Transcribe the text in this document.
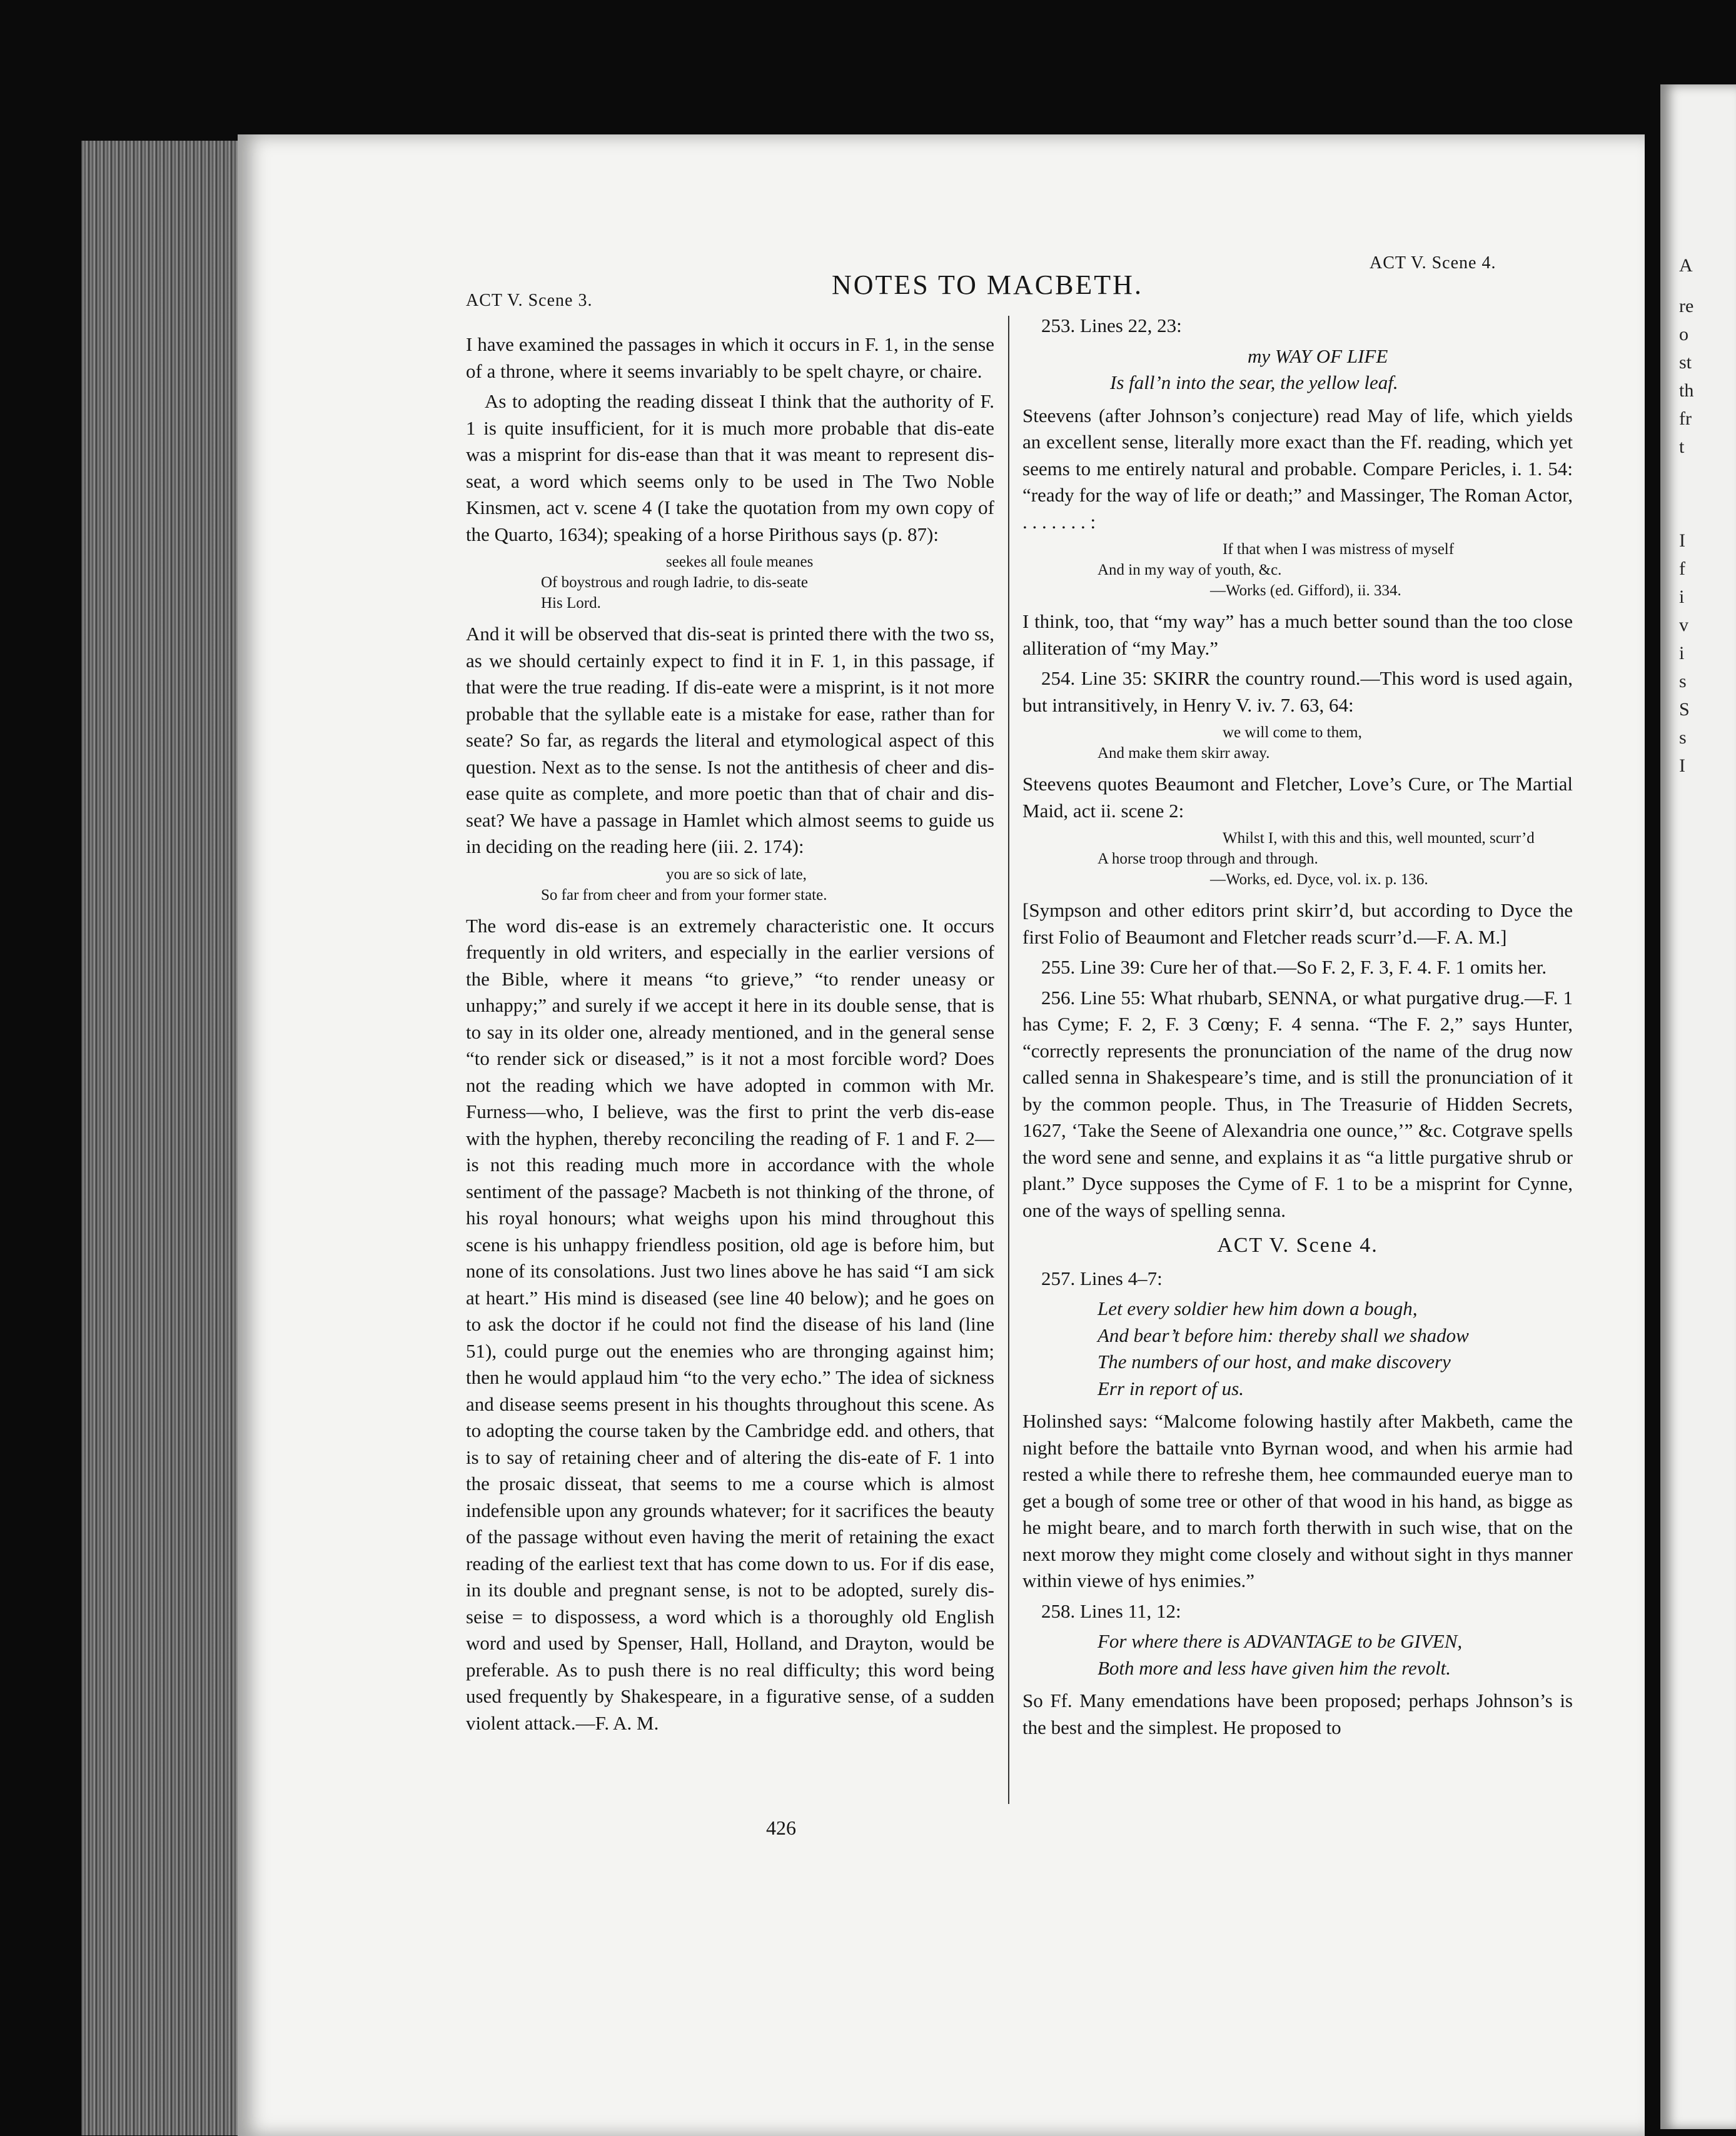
A
re
o
st
th
fr
t
I
f
i
v
i
s
S
s
I
ACT V. Scene 3.
NOTES TO MACBETH.
ACT V. Scene 4.

I have examined the passages in which it occurs in F. 1, in the sense of a throne, where it seems invariably to be spelt chayre, or chaire.

As to adopting the reading disseat I think that the authority of F. 1 is quite insufficient, for it is much more probable that dis-eate was a misprint for dis-ease than that it was meant to represent dis-seat, a word which seems only to be used in The Two Noble Kinsmen, act v. scene 4 (I take the quotation from my own copy of the Quarto, 1634); speaking of a horse Pirithous says (p. 87):

seekes all foule meanes
Of boystrous and rough Iadrie, to dis-seate
His Lord.

And it will be observed that dis-seat is printed there with the two ss, as we should certainly expect to find it in F. 1, in this passage, if that were the true reading. If dis-eate were a misprint, is it not more probable that the syllable eate is a mistake for ease, rather than for seate? So far, as regards the literal and etymological aspect of this question. Next as to the sense. Is not the antithesis of cheer and dis-ease quite as complete, and more poetic than that of chair and dis-seat? We have a passage in Hamlet which almost seems to guide us in deciding on the reading here (iii. 2. 174):

you are so sick of late,
So far from cheer and from your former state.

The word dis-ease is an extremely characteristic one. It occurs frequently in old writers, and especially in the earlier versions of the Bible, where it means “to grieve,” “to render uneasy or unhappy;” and surely if we accept it here in its double sense, that is to say in its older one, already mentioned, and in the general sense “to render sick or diseased,” is it not a most forcible word? Does not the reading which we have adopted in common with Mr. Furness—who, I believe, was the first to print the verb dis-ease with the hyphen, thereby reconciling the reading of F. 1 and F. 2—is not this reading much more in accordance with the whole sentiment of the passage? Macbeth is not thinking of the throne, of his royal honours; what weighs upon his mind throughout this scene is his unhappy friendless position, old age is before him, but none of its consolations. Just two lines above he has said “I am sick at heart.” His mind is diseased (see line 40 below); and he goes on to ask the doctor if he could not find the disease of his land (line 51), could purge out the enemies who are thronging against him; then he would applaud him “to the very echo.” The idea of sickness and disease seems present in his thoughts throughout this scene. As to adopting the course taken by the Cambridge edd. and others, that is to say of retaining cheer and of altering the dis-eate of F. 1 into the prosaic disseat, that seems to me a course which is almost indefensible upon any grounds whatever; for it sacrifices the beauty of the passage without even having the merit of retaining the exact reading of the earliest text that has come down to us. For if dis ease, in its double and pregnant sense, is not to be adopted, surely dis-seise = to dispossess, a word which is a thoroughly old English word and used by Spenser, Hall, Holland, and Drayton, would be preferable. As to push there is no real difficulty; this word being used frequently by Shakespeare, in a figurative sense, of a sudden violent attack.—F. A. M.

253. Lines 22, 23:

my WAY OF LIFE
Is fall’n into the sear, the yellow leaf.

Steevens (after Johnson’s conjecture) read May of life, which yields an excellent sense, literally more exact than the Ff. reading, which yet seems to me entirely natural and probable. Compare Pericles, i. 1. 54: “ready for the way of life or death;” and Massinger, The Roman Actor, . . . . . . . :

If that when I was mistress of myself
And in my way of youth, &c.
—Works (ed. Gifford), ii. 334.

I think, too, that “my way” has a much better sound than the too close alliteration of “my May.”

254. Line 35: SKIRR the country round.—This word is used again, but intransitively, in Henry V. iv. 7. 63, 64:

we will come to them,
And make them skirr away.

Steevens quotes Beaumont and Fletcher, Love’s Cure, or The Martial Maid, act ii. scene 2:

Whilst I, with this and this, well mounted, scurr’d
A horse troop through and through.
—Works, ed. Dyce, vol. ix. p. 136.

[Sympson and other editors print skirr’d, but according to Dyce the first Folio of Beaumont and Fletcher reads scurr’d.—F. A. M.]

255. Line 39: Cure her of that.—So F. 2, F. 3, F. 4. F. 1 omits her.

256. Line 55: What rhubarb, SENNA, or what purgative drug.—F. 1 has Cyme; F. 2, F. 3 Cœny; F. 4 senna. “The F. 2,” says Hunter, “correctly represents the pronunciation of the name of the drug now called senna in Shakespeare’s time, and is still the pronunciation of it by the common people. Thus, in The Treasurie of Hidden Secrets, 1627, ‘Take the Seene of Alexandria one ounce,’” &c. Cotgrave spells the word sene and senne, and explains it as “a little purgative shrub or plant.” Dyce supposes the Cyme of F. 1 to be a misprint for Cynne, one of the ways of spelling senna.

ACT V. Scene 4.

257. Lines 4–7:

Let every soldier hew him down a bough,
And bear’t before him: thereby shall we shadow
The numbers of our host, and make discovery
Err in report of us.

Holinshed says: “Malcome folowing hastily after Makbeth, came the night before the battaile vnto Byrnan wood, and when his armie had rested a while there to refreshe them, hee commaunded euerye man to get a bough of some tree or other of that wood in his hand, as bigge as he might beare, and to march forth therwith in such wise, that on the next morow they might come closely and without sight in thys manner within viewe of hys enimies.”

258. Lines 11, 12:

For where there is ADVANTAGE to be GIVEN,
Both more and less have given him the revolt.

So Ff. Many emendations have been proposed; perhaps Johnson’s is the best and the simplest. He proposed to

426
